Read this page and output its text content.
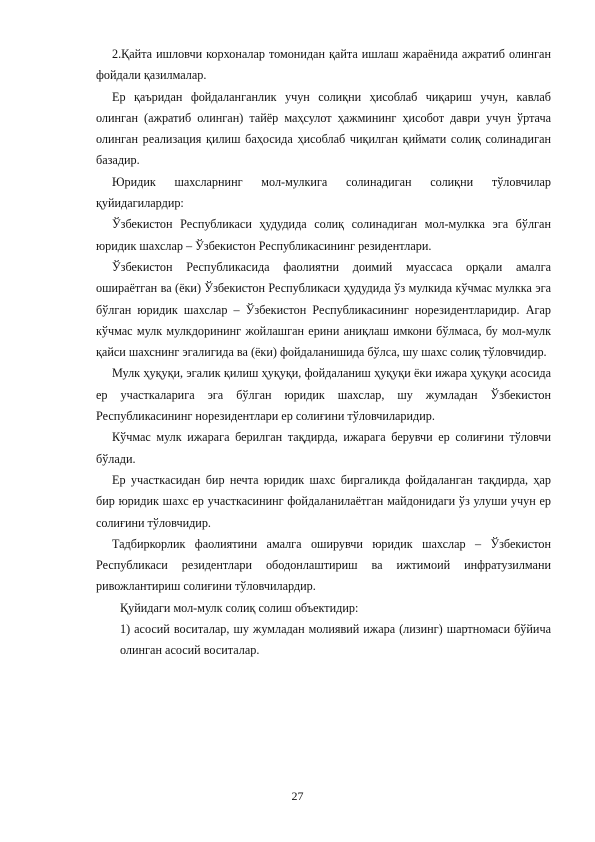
2.Қайта ишловчи корхоналар томонидан қайта ишлаш жараёнида ажратиб олинган фойдали қазилмалар.

Ер қаъридан фойдаланганлик учун солиқни ҳисоблаб чиқариш учун, кавлаб олинган (ажратиб олинган) тайёр маҳсулот ҳажмининг ҳисобот даври учун ўртача олинган реализация қилиш баҳосида ҳисоблаб чиқилган қиймати солиқ солинадиган базадир.

Юридик шахсларнинг мол-мулкига солинадиган солиқни тўловчилар қуйидагилардир:

Ўзбекистон Республикаси ҳудудида солиқ солинадиган мол-мулкка эга бўлган юридик шахслар – Ўзбекистон Республикасининг резидентлари.

Ўзбекистон Республикасида фаолиятни доимий муассаса орқали амалга оширaётган ва (ёки) Ўзбекистон Республикаси ҳудудида ўз мулкида кўчмас мулкка эга бўлган юридик шахслар – Ўзбекистон Республикасининг норезидентларидир. Агар кўчмас мулк мулкдорининг жойлашган ерини аниқлаш имкони бўлмаса, бу мол-мулк қайси шахснинг эгалигида ва (ёки) фойдаланишида бўлса, шу шахс солиқ тўловчидир.

Мулк ҳуқуқи, эгалик қилиш ҳуқуқи, фойдаланиш ҳуқуқи ёки ижара ҳуқуқи асосида ер участкаларига эга бўлган юридик шахслар, шу жумладан Ўзбекистон Республикасининг норезидентлари ер солиғини тўловчиларидир.

Кўчмас мулк ижарага берилган тақдирда, ижарага берувчи ер солиғини тўловчи бўлади.

Ер участкасидан бир нечта юридик шахс биргаликда фойдаланган тақдирда, ҳар бир юридик шахс ер участкасининг фойдаланилаётган майдонидаги ўз улуши учун ер солиғини тўловчидир.

Тадбиркорлик фаолиятини амалга оширувчи юридик шахслар – Ўзбекистон Республикаси резидентлари ободонлаштириш ва ижтимоий инфратузилмани ривожлантириш солиғини тўловчилардир.

Қуйидаги мол-мулк солиқ солиш объектидир:

1) асосий воситалар, шу жумладан молиявий ижара (лизинг) шартномаси бўйича олинган асосий воситалар.

27
